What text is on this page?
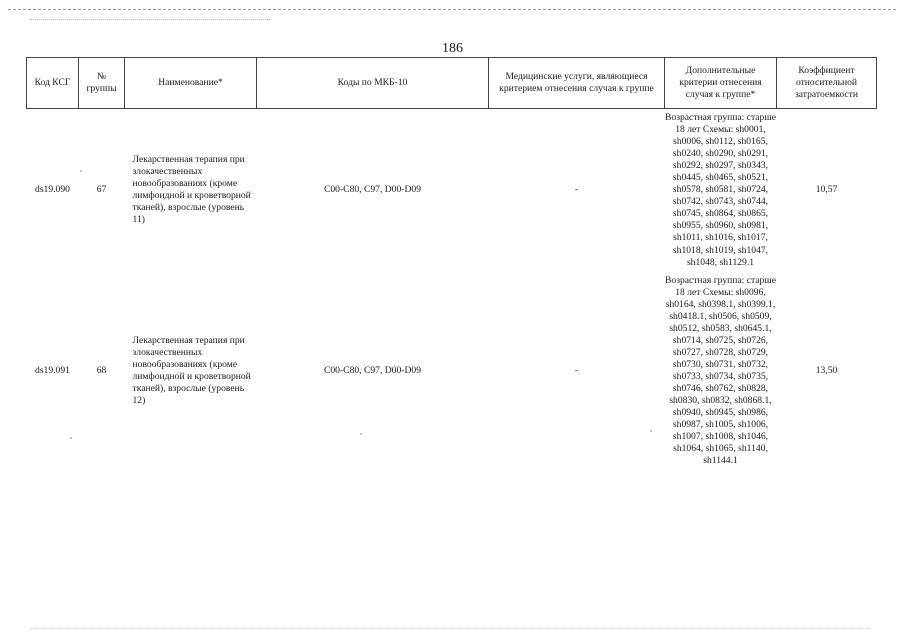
186
Код КСГ	№ группы	Наименование*	Коды по МКБ-10	Медицинские услуги, являющиеся критерием отнесения случая к группе	Дополнительные критерии отнесения случая к группе*	Коэффициент относительной затратоемкости
ds19.090	67	Лекарственная терапия при злокачественных новообразованиях (кроме лимфоидной и кроветворной тканей), взрослые (уровень 11)	C00-C80, C97, D00-D09	-	Возрастная группа: старше 18 лет Схемы: sh0001, sh0006, sh0112, sh0165, sh0240, sh0290, sh0291, sh0292, sh0297, sh0343, sh0445, sh0465, sh0521, sh0578, sh0581, sh0724, sh0742, sh0743, sh0744, sh0745, sh0864, sh0865, sh0955, sh0960, sh0981, sh1011, sh1016, sh1017, sh1018, sh1019, sh1047, sh1048, sh1129.1	10,57
ds19.091	68	Лекарственная терапия при злокачественных новообразованиях (кроме лимфоидной и кроветворной тканей), взрослые (уровень 12)	C00-C80, C97, D00-D09	-	Возрастная группа: старше 18 лет Схемы: sh0096, sh0164, sh0398.1, sh0399.1, sh0418.1, sh0506, sh0509, sh0512, sh0583, sh0645.1, sh0714, sh0725, sh0726, sh0727, sh0728, sh0729, sh0730, sh0731, sh0732, sh0733, sh0734, sh0735, sh0746, sh0762, sh0828, sh0830, sh0832, sh0868.1, sh0940, sh0945, sh0986, sh0987, sh1005, sh1006, sh1007, sh1008, sh1046, sh1064, sh1065, sh1140, sh1144.1	13,50
